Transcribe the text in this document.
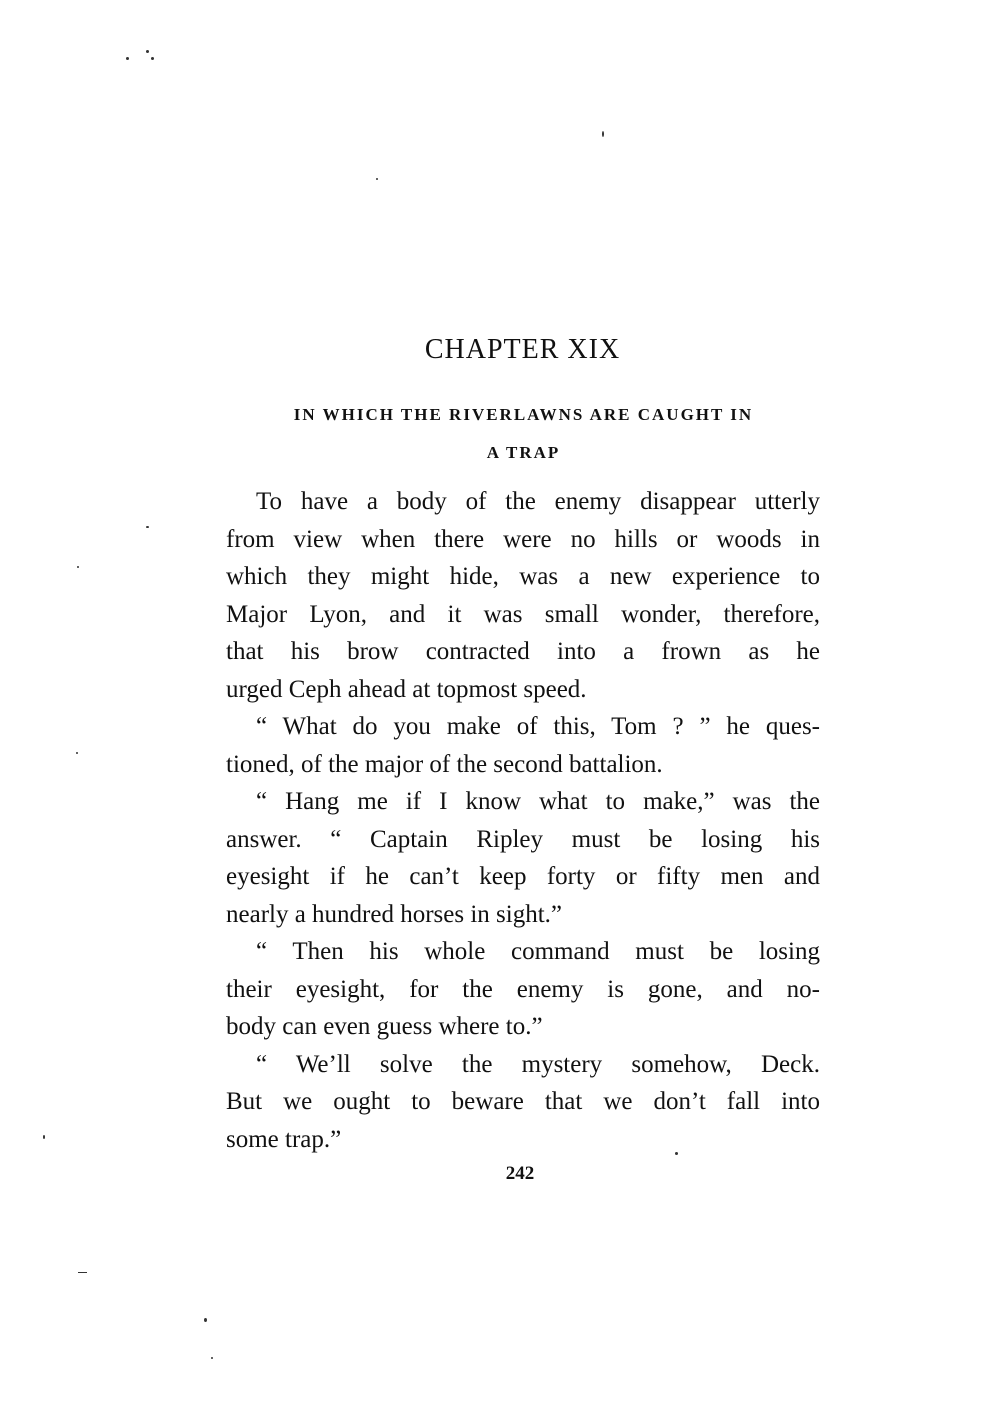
CHAPTER XIX
IN WHICH THE RIVERLAWNS ARE CAUGHT IN
A TRAP

To have a body of the enemy disappear utterly
from view when there were no hills or woods in
which they might hide, was a new experience to
Major Lyon, and it was small wonder, therefore,
that his brow contracted into a frown as he
urged Ceph ahead at topmost speed.

“ What do you make of this, Tom ? ” he ques-
tioned, of the major of the second battalion.

“ Hang me if I know what to make,” was the
answer. “ Captain Ripley must be losing his
eyesight if he can’t keep forty or fifty men and
nearly a hundred horses in sight.”

“ Then his whole command must be losing
their eyesight, for the enemy is gone, and no-
body can even guess where to.”

“ We’ll solve the mystery somehow, Deck.
But we ought to beware that we don’t fall into
some trap.”

242
